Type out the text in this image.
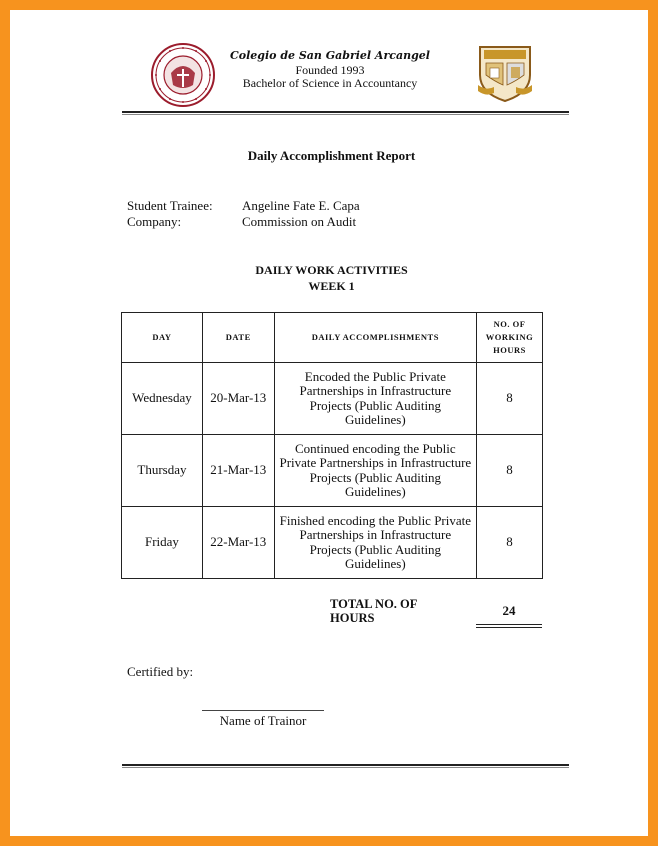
Colegio de San Gabriel Arcangel
Founded 1993
Bachelor of Science in Accountancy
Daily Accomplishment Report
Student Trainee: Angeline Fate E. Capa
Company:	Commission on Audit
DAILY WORK ACTIVITIES
WEEK 1
DAY	DATE	DAILY ACCOMPLISHMENTS	NO. OF WORKING HOURS
Wednesday	20-Mar-13	Encoded the Public Private Partnerships in Infrastructure Projects (Public Auditing Guidelines)	8
Thursday	21-Mar-13	Continued encoding the Public Private Partnerships in Infrastructure Projects (Public Auditing Guidelines)	8
Friday	22-Mar-13	Finished encoding the Public Private Partnerships in Infrastructure Projects (Public Auditing Guidelines)	8
TOTAL NO. OF HOURS	24
Certified by:
Name of Trainor
